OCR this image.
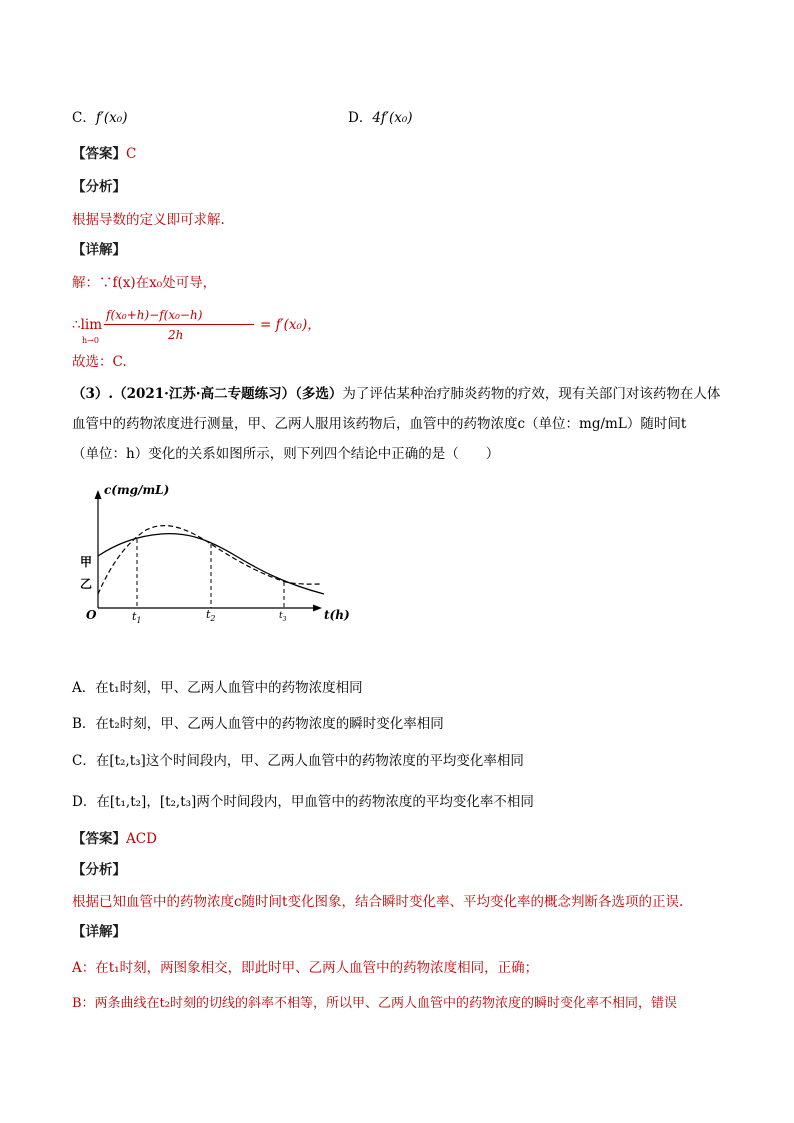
C．f′(x₀)	D．4f′(x₀)
【答案】C
【分析】
根据导数的定义即可求解.
【详解】
解：∵f(x)在x₀处可导，
∴lim
h→0
f(x₀+h)−f(x₀−h)
2h
= f′(x₀)，
故选：C.
（3）.（2021·江苏·高二专题练习）（多选）为了评估某种治疗肺炎药物的疗效，现有关部门对该药物在人体
血管中的药物浓度进行测量，甲、乙两人服用该药物后，血管中的药物浓度c（单位：mg/mL）随时间t
（单位：h）变化的关系如图所示，则下列四个结论中正确的是（　　）
c(mg/mL)
t(h)
O
甲
乙
$t_1$	$t_2$	$t_3$
A．在t₁时刻，甲、乙两人血管中的药物浓度相同
B．在t₂时刻，甲、乙两人血管中的药物浓度的瞬时变化率相同
C．在[t₂,t₃]这个时间段内，甲、乙两人血管中的药物浓度的平均变化率相同
D．在[t₁,t₂]，[t₂,t₃]两个时间段内，甲血管中的药物浓度的平均变化率不相同
【答案】ACD
【分析】
根据已知血管中的药物浓度c随时间t变化图象，结合瞬时变化率、平均变化率的概念判断各选项的正误.
【详解】
A：在t₁时刻，两图象相交，即此时甲、乙两人血管中的药物浓度相同，正确；
B：两条曲线在t₂时刻的切线的斜率不相等，所以甲、乙两人血管中的药物浓度的瞬时变化率不相同，错误
